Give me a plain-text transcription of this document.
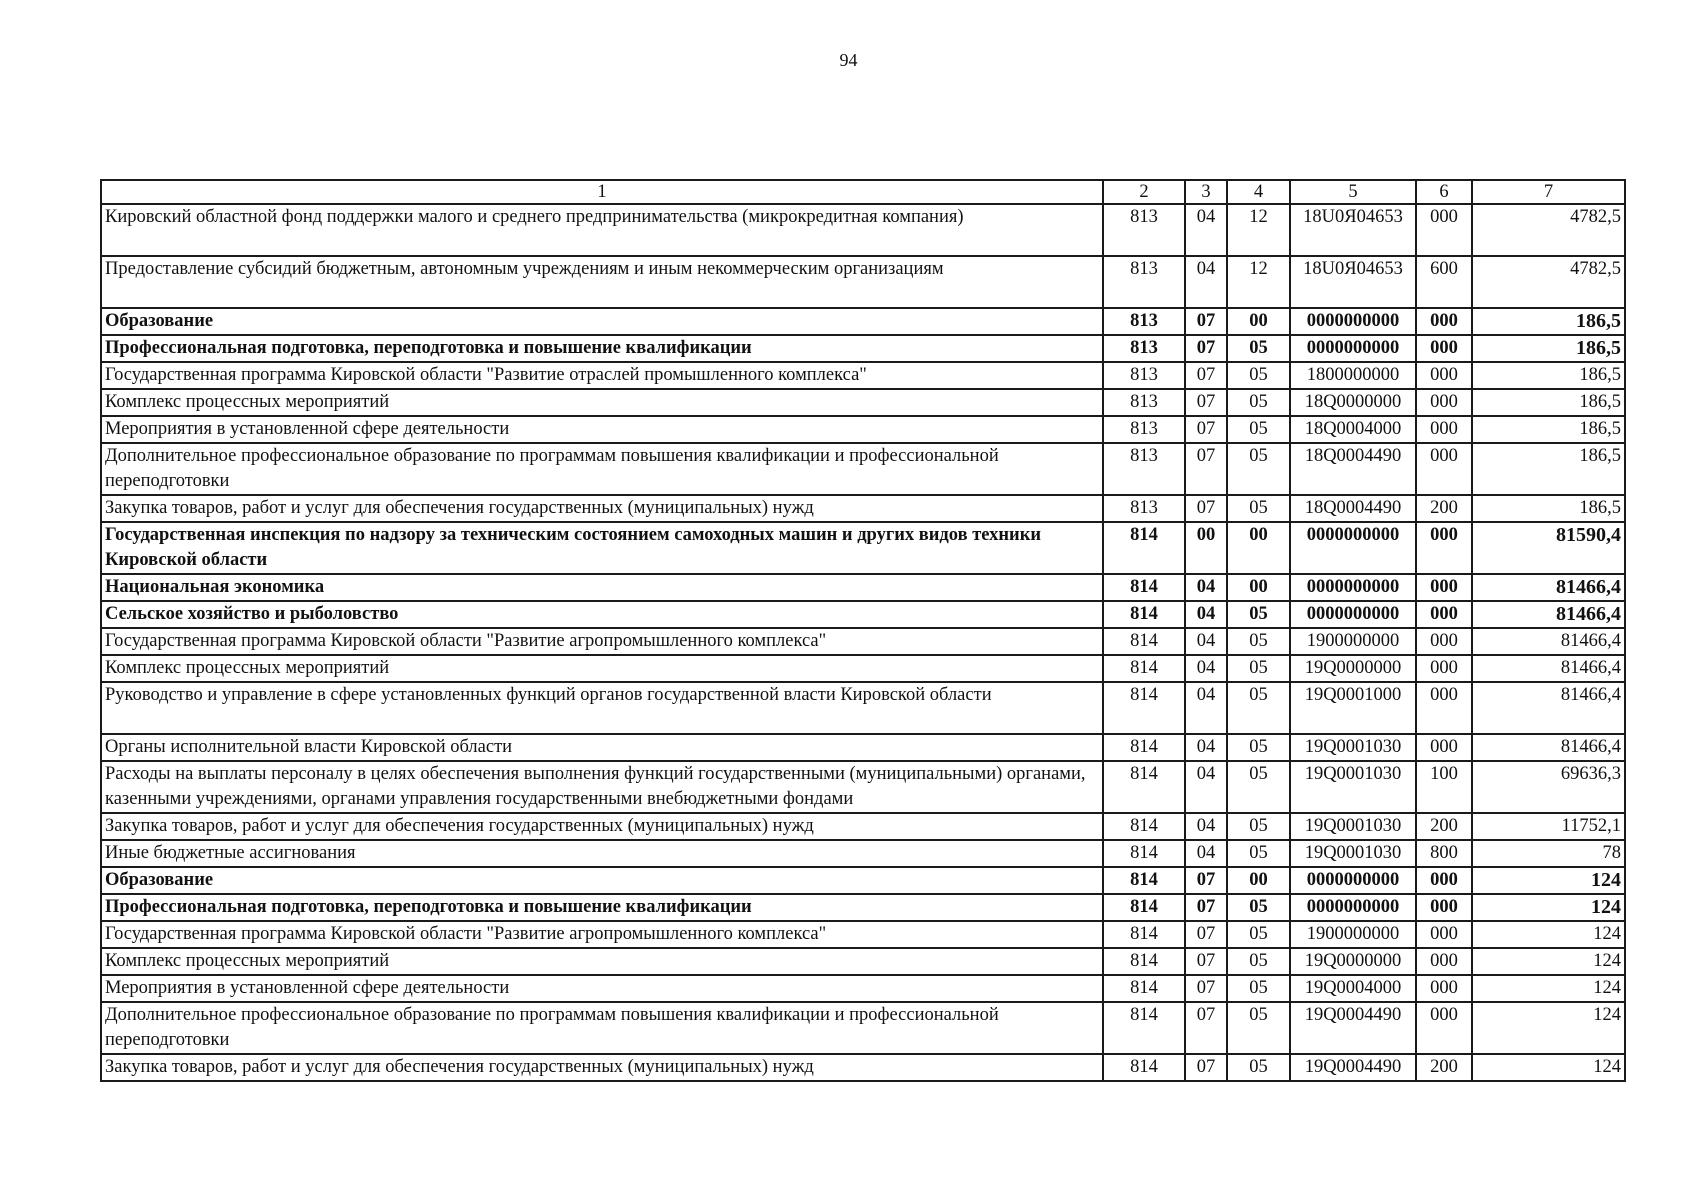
94
1	2	3	4	5	6	7
Кировский областной фонд поддержки малого и среднего предпринимательства (микрокредитная компания)	813	04	12	18U0Я04653	000	4782,5
Предоставление субсидий бюджетным, автономным учреждениям и иным некоммерческим организациям	813	04	12	18U0Я04653	600	4782,5
Образование	813	07	00	0000000000	000	186,5
Профессиональная подготовка, переподготовка и повышение квалификации	813	07	05	0000000000	000	186,5
Государственная программа Кировской области "Развитие отраслей промышленного комплекса"	813	07	05	1800000000	000	186,5
Комплекс процессных мероприятий	813	07	05	18Q0000000	000	186,5
Мероприятия в установленной сфере деятельности	813	07	05	18Q0004000	000	186,5
Дополнительное профессиональное образование по программам повышения квалификации и профессиональной переподготовки	813	07	05	18Q0004490	000	186,5
Закупка товаров, работ и услуг для обеспечения государственных (муниципальных) нужд	813	07	05	18Q0004490	200	186,5
Государственная инспекция по надзору за техническим состоянием самоходных машин и других видов техники Кировской области	814	00	00	0000000000	000	81590,4
Национальная экономика	814	04	00	0000000000	000	81466,4
Сельское хозяйство и рыболовство	814	04	05	0000000000	000	81466,4
Государственная программа Кировской области "Развитие агропромышленного комплекса"	814	04	05	1900000000	000	81466,4
Комплекс процессных мероприятий	814	04	05	19Q0000000	000	81466,4
Руководство и управление в сфере установленных функций органов государственной власти Кировской области	814	04	05	19Q0001000	000	81466,4
Органы исполнительной власти Кировской области	814	04	05	19Q0001030	000	81466,4
Расходы на выплаты персоналу в целях обеспечения выполнения функций государственными (муниципальными) органами, казенными учреждениями, органами управления государственными внебюджетными фондами	814	04	05	19Q0001030	100	69636,3
Закупка товаров, работ и услуг для обеспечения государственных (муниципальных) нужд	814	04	05	19Q0001030	200	11752,1
Иные бюджетные ассигнования	814	04	05	19Q0001030	800	78
Образование	814	07	00	0000000000	000	124
Профессиональная подготовка, переподготовка и повышение квалификации	814	07	05	0000000000	000	124
Государственная программа Кировской области "Развитие агропромышленного комплекса"	814	07	05	1900000000	000	124
Комплекс процессных мероприятий	814	07	05	19Q0000000	000	124
Мероприятия в установленной сфере деятельности	814	07	05	19Q0004000	000	124
Дополнительное профессиональное образование по программам повышения квалификации и профессиональной переподготовки	814	07	05	19Q0004490	000	124
Закупка товаров, работ и услуг для обеспечения государственных (муниципальных) нужд	814	07	05	19Q0004490	200	124
